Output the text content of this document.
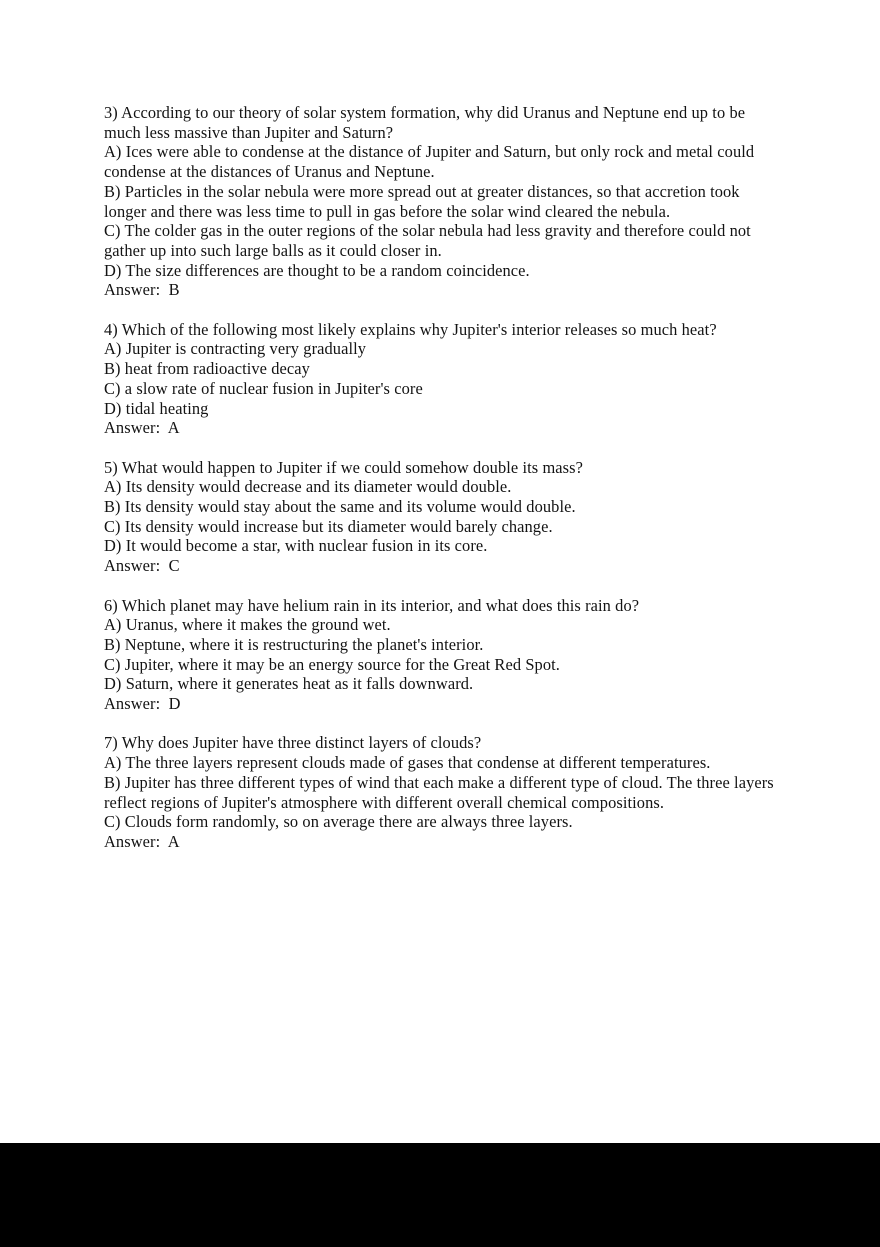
3) According to our theory of solar system formation, why did Uranus and Neptune end up to be much less massive than Jupiter and Saturn?
A) Ices were able to condense at the distance of Jupiter and Saturn, but only rock and metal could condense at the distances of Uranus and Neptune.
B) Particles in the solar nebula were more spread out at greater distances, so that accretion took longer and there was less time to pull in gas before the solar wind cleared the nebula.
C) The colder gas in the outer regions of the solar nebula had less gravity and therefore could not gather up into such large balls as it could closer in.
D) The size differences are thought to be a random coincidence.
Answer:  B
4) Which of the following most likely explains why Jupiter's interior releases so much heat?
A) Jupiter is contracting very gradually
B) heat from radioactive decay
C) a slow rate of nuclear fusion in Jupiter's core
D) tidal heating
Answer:  A
5) What would happen to Jupiter if we could somehow double its mass?
A) Its density would decrease and its diameter would double.
B) Its density would stay about the same and its volume would double.
C) Its density would increase but its diameter would barely change.
D) It would become a star, with nuclear fusion in its core.
Answer:  C
6) Which planet may have helium rain in its interior, and what does this rain do?
A) Uranus, where it makes the ground wet.
B) Neptune, where it is restructuring the planet's interior.
C) Jupiter, where it may be an energy source for the Great Red Spot.
D) Saturn, where it generates heat as it falls downward.
Answer:  D
7) Why does Jupiter have three distinct layers of clouds?
A) The three layers represent clouds made of gases that condense at different temperatures.
B) Jupiter has three different types of wind that each make a different type of cloud. The three layers reflect regions of Jupiter's atmosphere with different overall chemical compositions.
C) Clouds form randomly, so on average there are always three layers.
Answer:  A
